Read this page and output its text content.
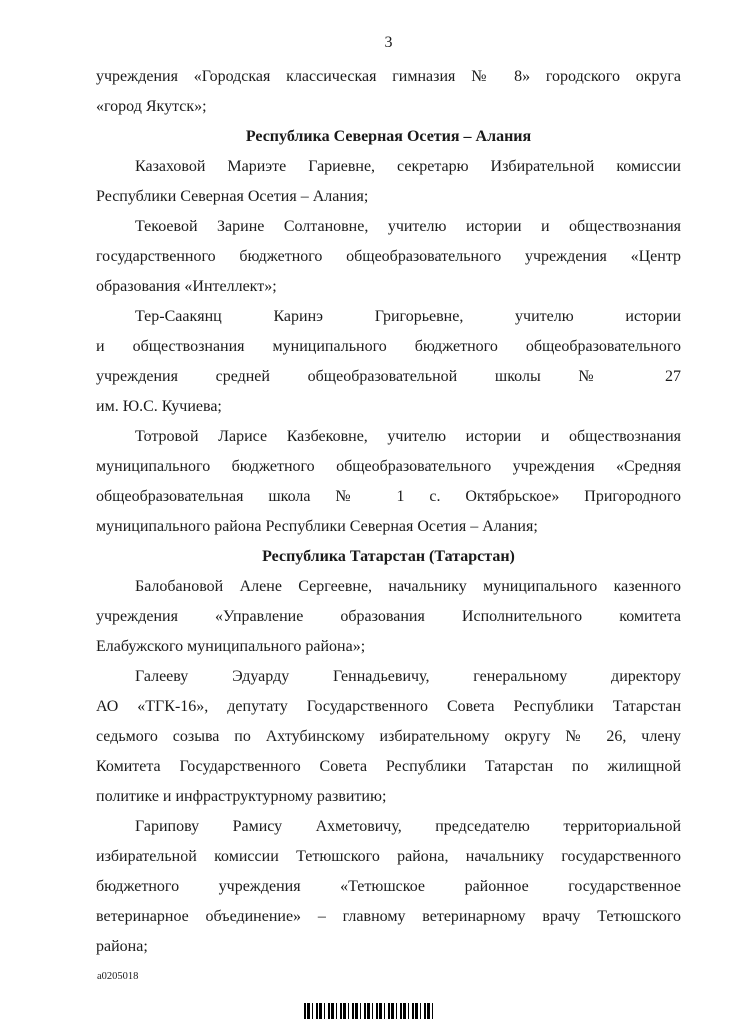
3
учреждения «Городская классическая гимназия № 8» городского округа
«город Якутск»;
Республика Северная Осетия – Алания
Казаховой Мариэте Гариевне, секретарю Избирательной комиссии
Республики Северная Осетия – Алания;
Текоевой Зарине Солтановне, учителю истории и обществознания
государственного бюджетного общеобразовательного учреждения «Центр
образования «Интеллект»;
Тер-Саакянц Каринэ Григорьевне, учителю истории
и обществознания муниципального бюджетного общеобразовательного
учреждения средней общеобразовательной школы № 27
им. Ю.С. Кучиева;
Тотровой Ларисе Казбековне, учителю истории и обществознания
муниципального бюджетного общеобразовательного учреждения «Средняя
общеобразовательная школа № 1 с. Октябрьское» Пригородного
муниципального района Республики Северная Осетия – Алания;
Республика Татарстан (Татарстан)
Балобановой Алене Сергеевне, начальнику муниципального казенного
учреждения «Управление образования Исполнительного комитета
Елабужского муниципального района»;
Галееву Эдуарду Геннадьевичу, генеральному директору
АО «ТГК-16», депутату Государственного Совета Республики Татарстан
седьмого созыва по Ахтубинскому избирательному округу № 26, члену
Комитета Государственного Совета Республики Татарстан по жилищной
политике и инфраструктурному развитию;
Гарипову Рамису Ахметовичу, председателю территориальной
избирательной комиссии Тетюшского района, начальнику государственного
бюджетного учреждения «Тетюшское районное государственное
ветеринарное объединение» – главному ветеринарному врачу Тетюшского
района;
a0205018
